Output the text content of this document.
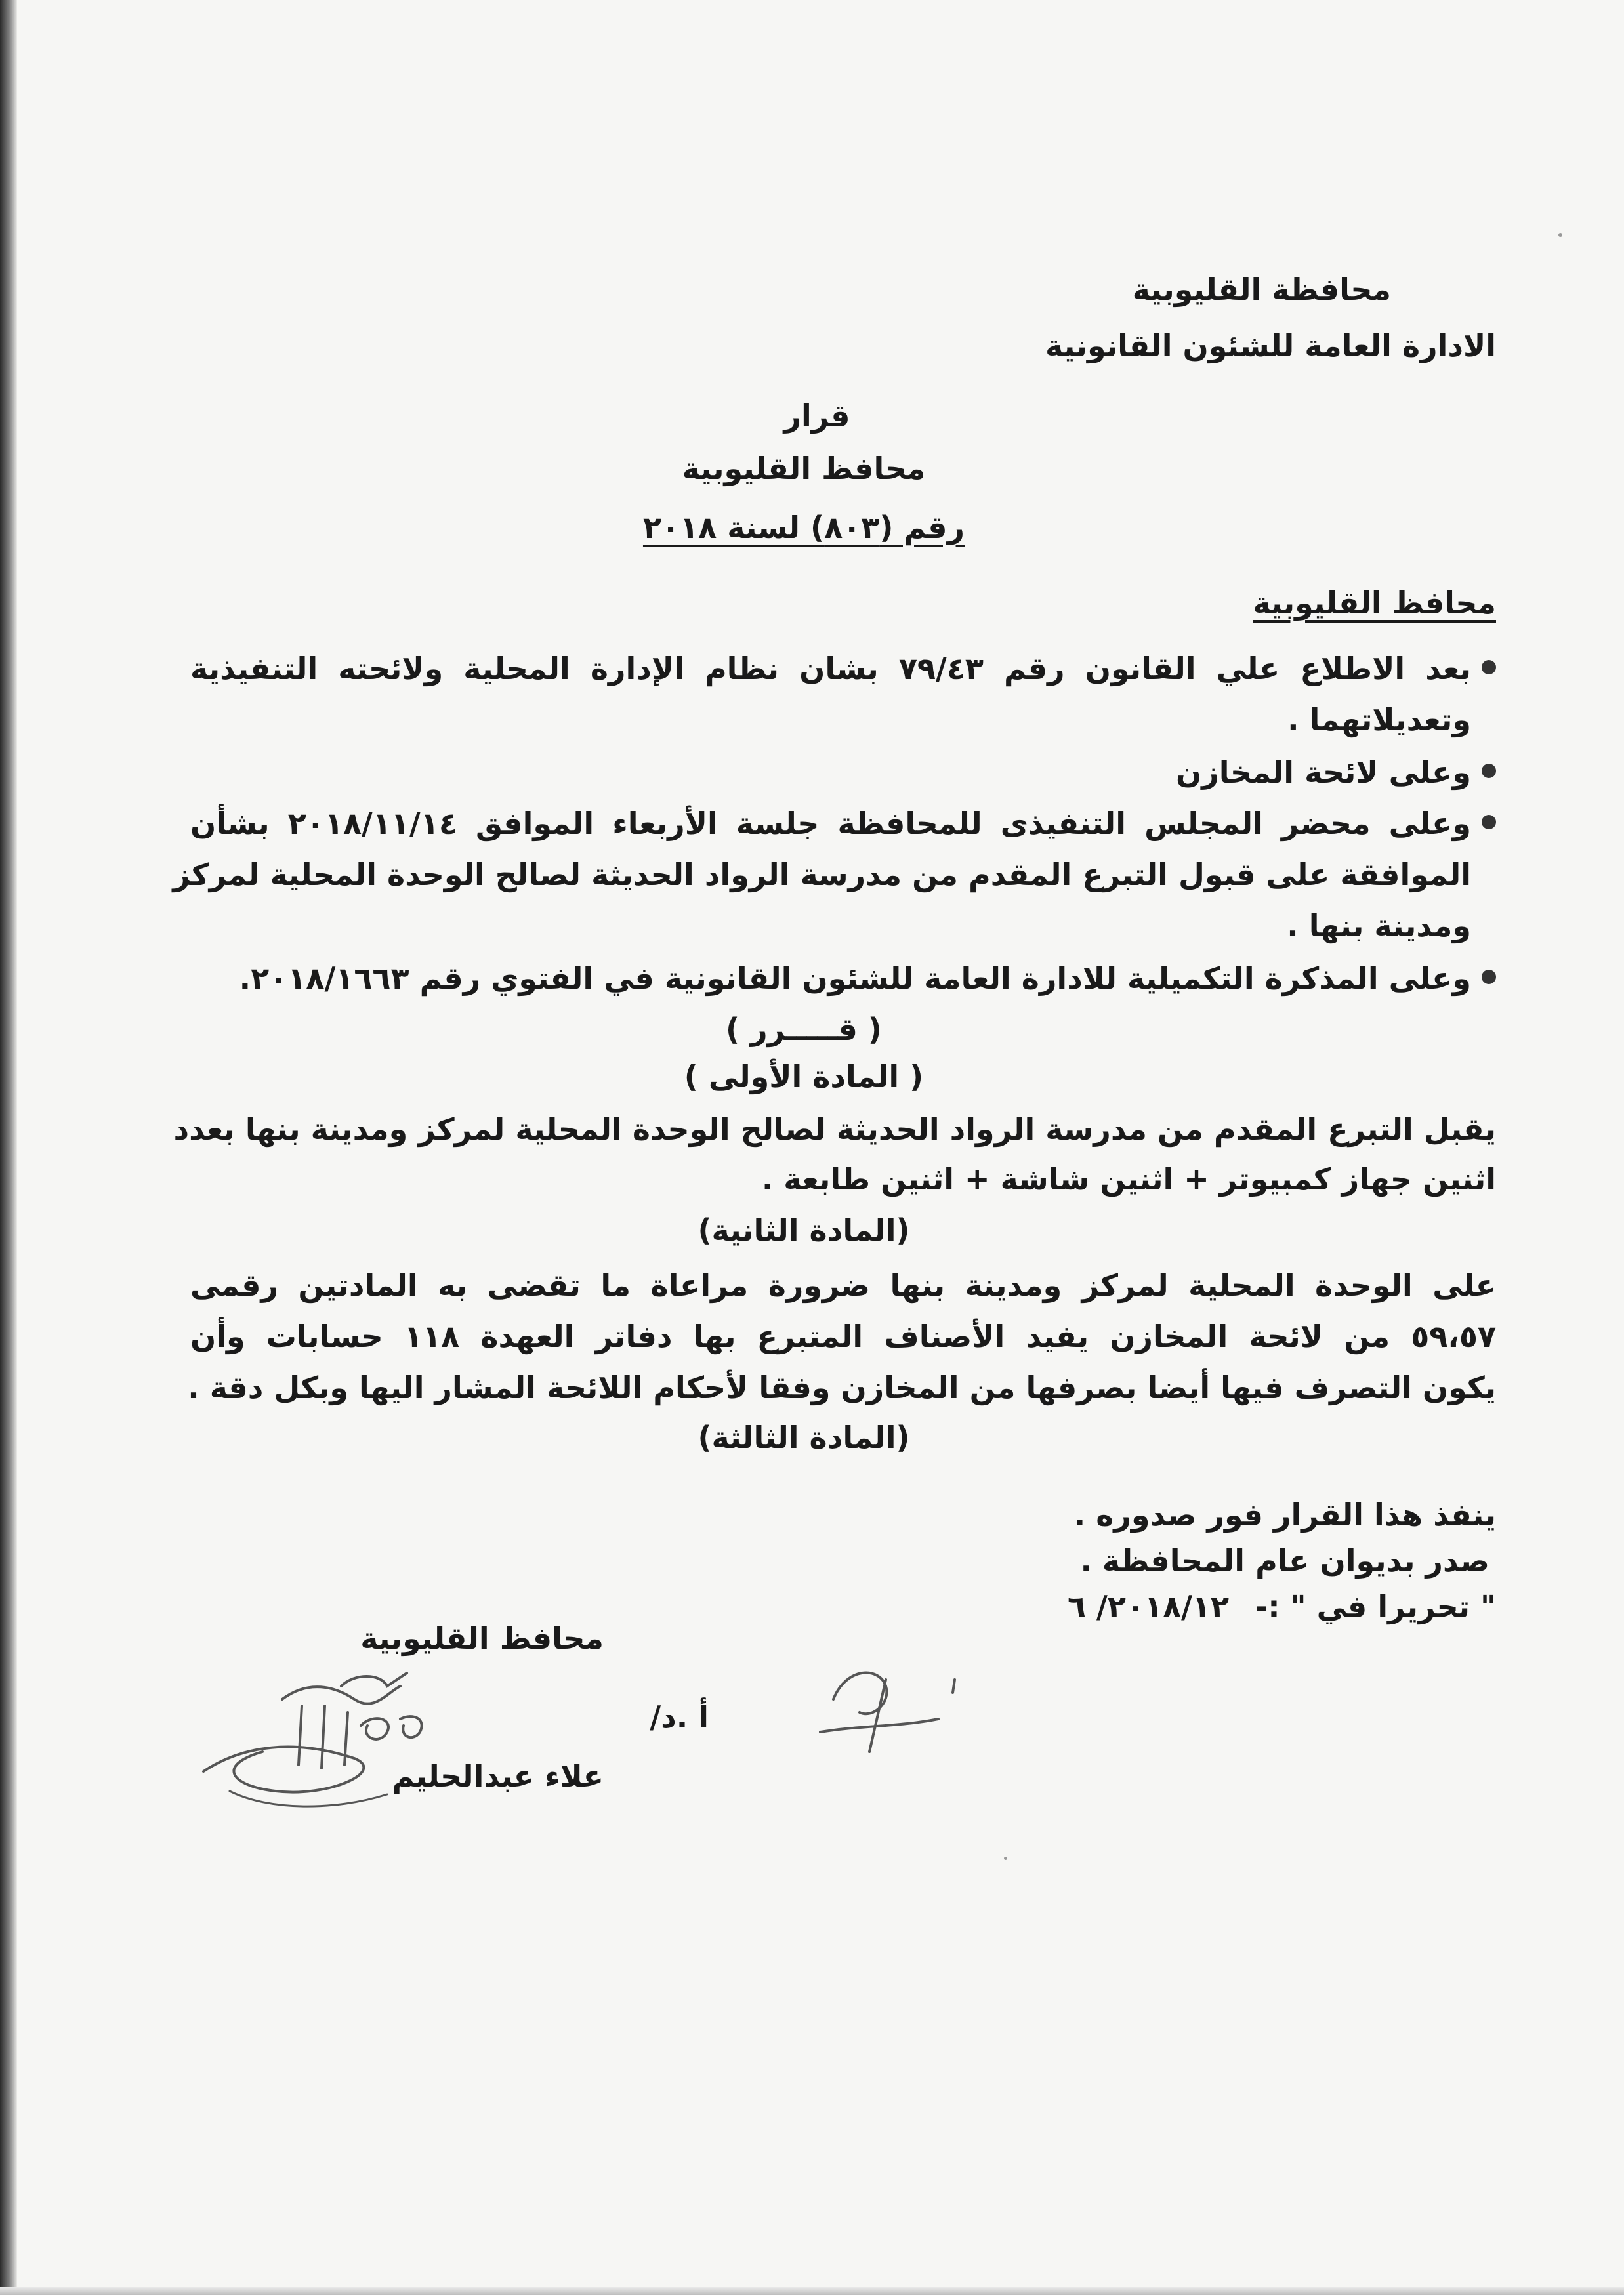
محافظة القليوبية
الادارة العامة للشئون القانونية
قرار
محافظ القليوبية
رقم (٨٠٣) لسنة ٢٠١٨
محافظ القليوبية
بعد الاطلاع علي القانون رقم ٧٩/٤٣ بشان نظام الإدارة المحلية ولائحته التنفيذية
وتعديلاتهما .
وعلى لائحة المخازن
وعلى محضر المجلس التنفيذى للمحافظة جلسة الأربعاء الموافق ٢٠١٨/١١/١٤ بشأن
الموافقة على قبول التبرع المقدم من مدرسة الرواد الحديثة لصالح الوحدة المحلية لمركز
ومدينة بنها .
وعلى المذكرة التكميلية للادارة العامة للشئون القانونية في الفتوي رقم ٢٠١٨/١٦٦٣.
( قـــــرر )
( المادة الأولى )
يقبل التبرع المقدم من مدرسة الرواد الحديثة لصالح الوحدة المحلية لمركز ومدينة بنها بعدد
اثنين جهاز كمبيوتر + اثنين شاشة + اثنين طابعة .
(المادة الثانية)
على الوحدة المحلية لمركز ومدينة بنها ضرورة مراعاة ما تقضى به المادتين رقمى
٥٩،٥٧ من لائحة المخازن يفيد الأصناف المتبرع بها دفاتر العهدة ١١٨ حسابات وأن
يكون التصرف فيها أيضا بصرفها من المخازن وفقا لأحكام اللائحة المشار اليها وبكل دقة .
(المادة الثالثة)
ينفذ هذا القرار فور صدوره .
صدر بديوان عام المحافظة .
" تحريرا في " :- ٢٠١٨/١٢/ ٦
محافظ القليوبية
أ .د/
علاء عبدالحليم
